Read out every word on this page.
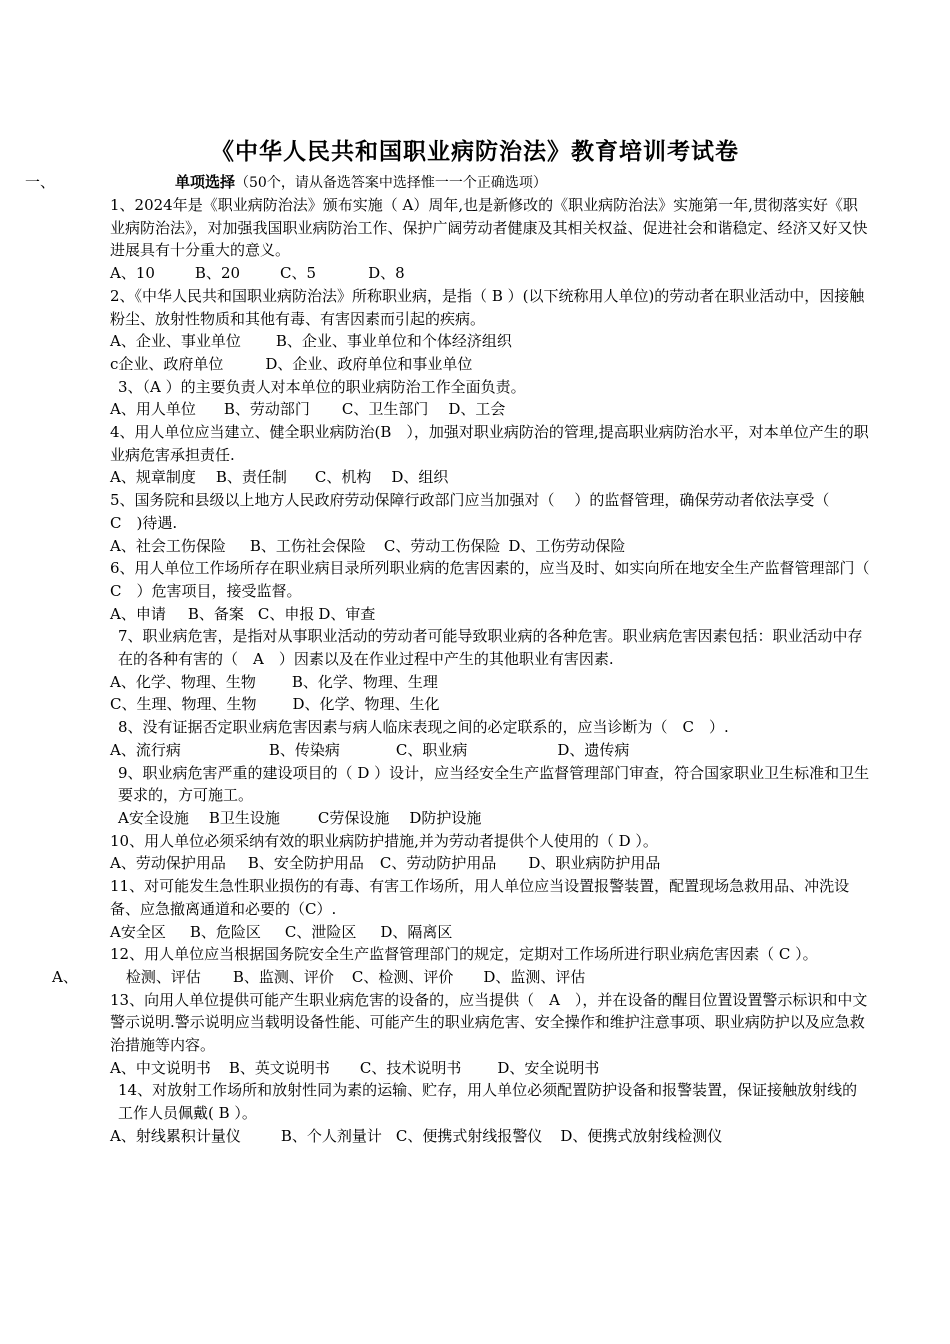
《中华人民共和国职业病防治法》教育培训考试卷
一、	单项选择（50个，请从备选答案中选择惟一一个正确选项）

1、2024年是《职业病防治法》颁布实施（ A）周年,也是新修改的《职业病防治法》实施第一年,贯彻落实好《职业病防治法》，对加强我国职业病防治工作、保护广阔劳动者健康及其相关权益、促进社会和谐稳定、经济又好又快进展具有十分重大的意义。

A、10	B、20	C、5	D、8

2、《中华人民共和国职业病防治法》所称职业病，是指（ B ）(以下统称用人单位)的劳动者在职业活动中，因接触粉尘、放射性物质和其他有毒、有害因素而引起的疾病。

A、企业、事业单位 B、企业、事业单位和个体经济组织
c企业、政府单位	D、企业、政府单位和事业单位

3、（A ）的主要负责人对本单位的职业病防治工作全面负责。

A、用人单位 B、劳动部门 C、卫生部门 D、工会

4、用人单位应当建立、健全职业病防治(B　），加强对职业病防治的管理,提高职业病防治水平，对本单位产生的职业病危害承担责任.

A、规章制度 B、责任制 C、机构 D、组织

5、国务院和县级以上地方人民政府劳动保障行政部门应当加强对（　 ）的监督管理，确保劳动者依法享受（　C　)待遇.

A、社会工伤保险 B、工伤社会保险 C、劳动工伤保险 D、工伤劳动保险

6、用人单位工作场所存在职业病目录所列职业病的危害因素的，应当及时、如实向所在地安全生产监督管理部门（　C　）危害项目，接受监督。

A、申请 B、备案 C、申报 D、审查

7、职业病危害，是指对从事职业活动的劳动者可能导致职业病的各种危害。职业病危害因素包括：职业活动中存在的各种有害的（　A　）因素以及在作业过程中产生的其他职业有害因素.

A、化学、物理、生物 B、化学、物理、生理
C、生理、物理、生物 D、化学、物理、生化

8、没有证据否定职业病危害因素与病人临床表现之间的必定联系的，应当诊断为（　C　）.

A、流行病	B、传染病	C、职业病	D、遗传病

9、职业病危害严重的建设项目的（ D ）设计，应当经安全生产监督管理部门审查，符合国家职业卫生标准和卫生要求的，方可施工。

A安全设施 B卫生设施	C劳保设施 D防护设施

10、用人单位必须采纳有效的职业病防护措施,并为劳动者提供个人使用的（ D ）。

A、劳动保护用品 B、安全防护用品 C、劳动防护用品 D、职业病防护用品

11、对可能发生急性职业损伤的有毒、有害工作场所，用人单位应当设置报警装置，配置现场急救用品、冲洗设备、应急撤离通道和必要的（C）.

A安全区 B、危险区 C、泄险区 D、隔离区

12、用人单位应当根据国务院安全生产监督管理部门的规定，定期对工作场所进行职业病危害因素（ C ）。

A、	检测、评估 B、监测、评价 C、检测、评价 D、监测、评估

13、向用人单位提供可能产生职业病危害的设备的，应当提供（　A　），并在设备的醒目位置设置警示标识和中文警示说明.警示说明应当载明设备性能、可能产生的职业病危害、安全操作和维护注意事项、职业病防护以及应急救治措施等内容。

A、中文说明书 B、英文说明书 C、技术说明书 D、安全说明书

14、对放射工作场所和放射性同为素的运输、贮存，用人单位必须配置防护设备和报警装置，保证接触放射线的工作人员佩戴( B ）。

A、射线累积计量仪	B、个人剂量计 C、便携式射线报警仪 D、便携式放射线检测仪
